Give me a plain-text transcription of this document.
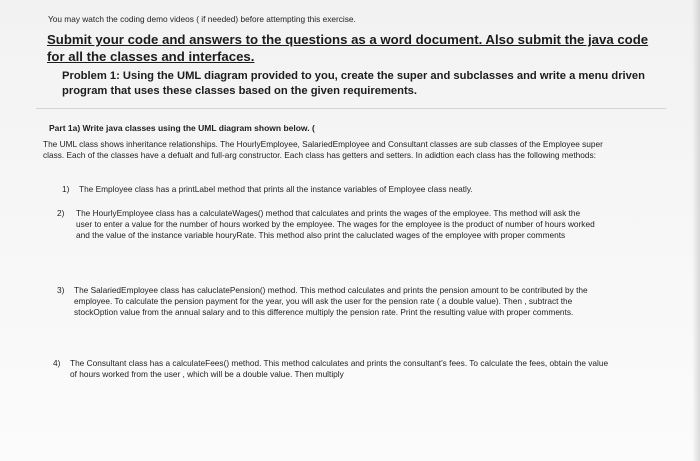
You may watch the coding demo videos ( if needed) before attempting this exercise.
Submit your code and answers to the questions as a word document. Also submit the java code for all the classes and interfaces.
Problem 1: Using the UML diagram provided to you, create the super and subclasses and write a menu driven program that uses these classes based on the given requirements.
Part 1a) Write java classes using the UML diagram shown below. (
The UML class shows inheritance relationships. The HourlyEmployee, SalariedEmployee and Consultant classes are sub classes of the Employee super class. Each of the classes have a defualt and full-arg constructor. Each class has getters and setters. In adidtion each class has the following methods:
1) The Employee class has a printLabel method that prints all the instance variables of Employee class neatly.
2) The HourlyEmployee class has a calculateWages() method that calculates and prints the wages of the employee. Ths method will ask the user to enter a value for the number of hours worked by the employee. The wages for the employee is the product of number of hours worked and the value of the instance variable houryRate. This method also print the caluclated wages of the employee with proper comments
3) The SalariedEmployee class has caluclatePension() method. This method calculates and prints the pension amount to be contributed by the employee. To calculate the pension payment for the year, you will ask the user for the pension rate ( a double value). Then , subtract the stockOption value from the annual salary and to this difference multiply the pension rate. Print the resulting value with proper comments.
4) The Consultant class has a calculateFees() method. This method calculates and prints the consultant's fees. To calculate the fees, obtain the value of hours worked from the user , which will be a double value. Then multiply
